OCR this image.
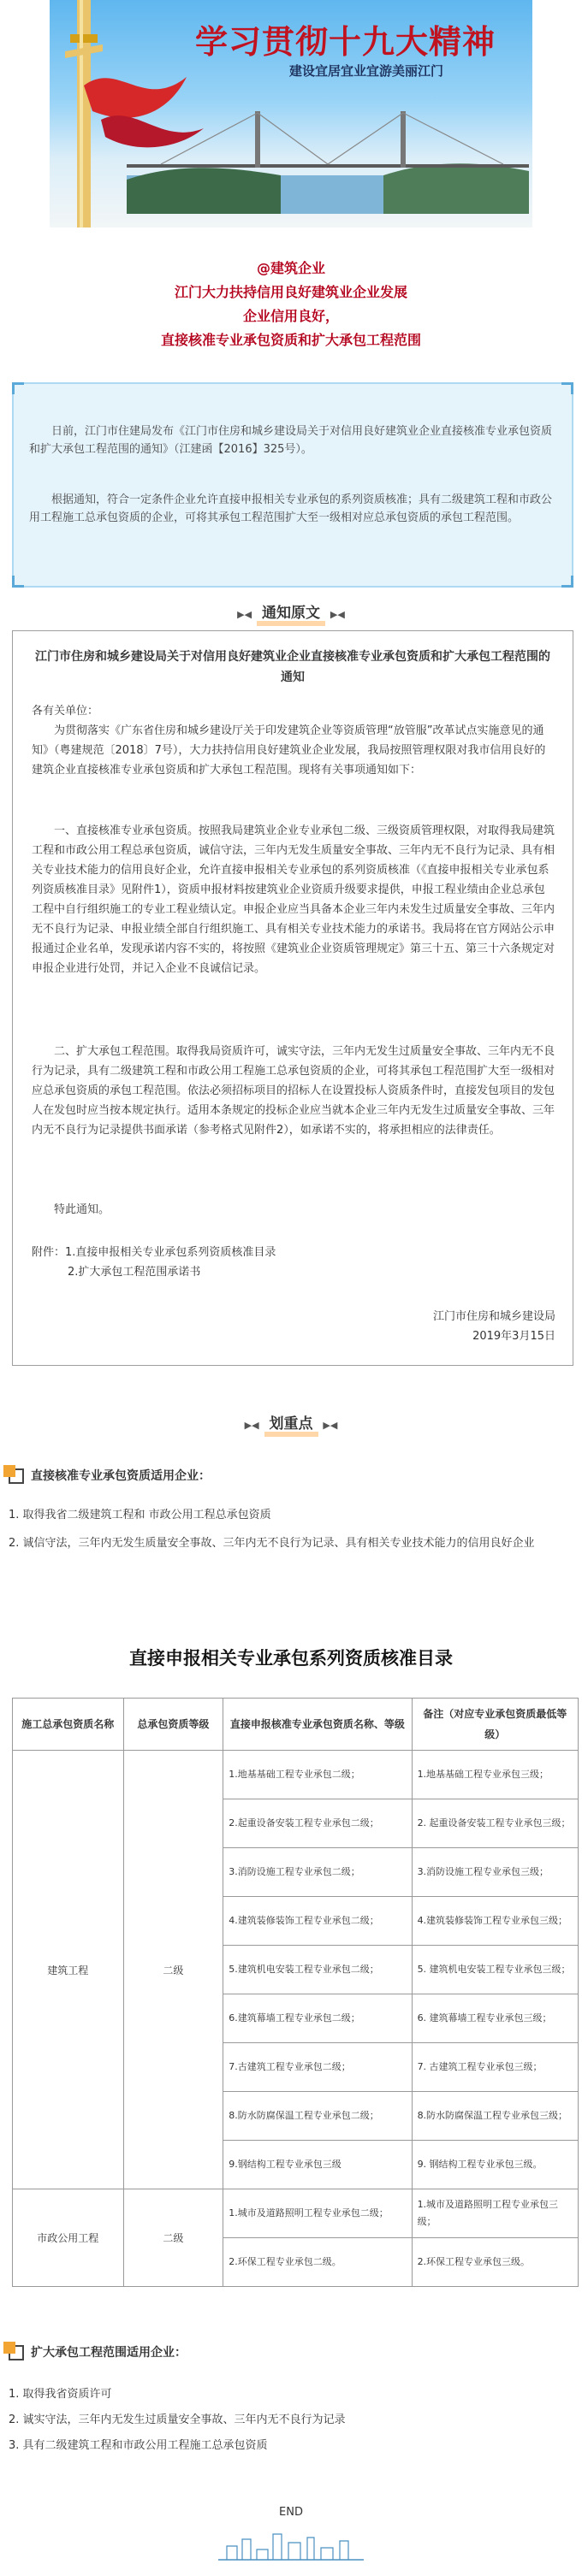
学习贯彻十九大精神
建设宜居宜业宜游美丽江门
@建筑企业
江门大力扶持信用良好建筑业企业发展
企业信用良好，
直接核准专业承包资质和扩大承包工程范围

日前，江门市住建局发布《江门市住房和城乡建设局关于对信用良好建筑业企业直接核准专业承包资质和扩大承包工程范围的通知》（江建函【2016】325号）。

根据通知，符合一定条件企业允许直接申报相关专业承包的系列资质核准；具有二级建筑工程和市政公用工程施工总承包资质的企业，可将其承包工程范围扩大至一级相对应总承包资质的承包工程范围。

▶◀ 通知原文 ▶◀
江门市住房和城乡建设局关于对信用良好建筑业企业直接核准专业承包资质和扩大承包工程范围的通知
各有关单位：
为贯彻落实《广东省住房和城乡建设厅关于印发建筑企业等资质管理“放管服”改革试点实施意见的通知》（粤建规范〔2018〕7号），大力扶持信用良好建筑业企业发展，我局按照管理权限对我市信用良好的建筑企业直接核准专业承包资质和扩大承包工程范围。现将有关事项通知如下：
一、直接核准专业承包资质。按照我局建筑业企业专业承包二级、三级资质管理权限，对取得我局建筑工程和市政公用工程总承包资质，诚信守法，三年内无发生质量安全事故、三年内无不良行为记录、具有相关专业技术能力的信用良好企业，允许直接申报相关专业承包的系列资质核准（《直接申报相关专业承包系列资质核准目录》见附件1），资质申报材料按建筑业企业资质升级要求提供，申报工程业绩由企业总承包工程中自行组织施工的专业工程业绩认定。申报企业应当具备本企业三年内未发生过质量安全事故、三年内无不良行为记录、申报业绩全部自行组织施工、具有相关专业技术能力的承诺书。我局将在官方网站公示申报通过企业名单，发现承诺内容不实的，将按照《建筑业企业资质管理规定》第三十五、第三十六条规定对申报企业进行处罚，并记入企业不良诚信记录。
二、扩大承包工程范围。取得我局资质许可，诚实守法，三年内无发生过质量安全事故、三年内无不良行为记录，具有二级建筑工程和市政公用工程施工总承包资质的企业，可将其承包工程范围扩大至一级相对应总承包资质的承包工程范围。依法必须招标项目的招标人在设置投标人资质条件时，直接发包项目的发包人在发包时应当按本规定执行。适用本条规定的投标企业应当就本企业三年内无发生过质量安全事故、三年内无不良行为记录提供书面承诺（参考格式见附件2），如承诺不实的，将承担相应的法律责任。
特此通知。
附件：1.直接申报相关专业承包系列资质核准目录
2.扩大承包工程范围承诺书
江门市住房和城乡建设局
2019年3月15日
▶◀ 划重点 ▶◀
直接核准专业承包资质适用企业：
1. 取得我省二级建筑工程和 市政公用工程总承包资质
2. 诚信守法，三年内无发生质量安全事故、三年内无不良行为记录、具有相关专业技术能力的信用良好企业
直接申报相关专业承包系列资质核准目录
施工总承包资质名称	总承包资质等级	直接申报核准专业承包资质名称、等级	备注（对应专业承包资质最低等级）
建筑工程	二级	1.地基基础工程专业承包二级；	1.地基基础工程专业承包三级；
		2.起重设备安装工程专业承包二级；	2. 起重设备安装工程专业承包三级；
		3.消防设施工程专业承包二级；	3.消防设施工程专业承包三级；
		4.建筑装修装饰工程专业承包二级；	4.建筑装修装饰工程专业承包三级；
		5.建筑机电安装工程专业承包二级；	5. 建筑机电安装工程专业承包三级；
		6.建筑幕墙工程专业承包二级；	6. 建筑幕墙工程专业承包三级；
		7.古建筑工程专业承包二级；	7. 古建筑工程专业承包三级；
		8.防水防腐保温工程专业承包二级；	8.防水防腐保温工程专业承包三级；
		9.钢结构工程专业承包三级	9. 钢结构工程专业承包三级。
市政公用工程	二级	1.城市及道路照明工程专业承包二级；	1.城市及道路照明工程专业承包三级；
		2.环保工程专业承包二级。	2.环保工程专业承包三级。
扩大承包工程范围适用企业：
1. 取得我省资质许可
2. 诚实守法，三年内无发生过质量安全事故、三年内无不良行为记录
3. 具有二级建筑工程和市政公用工程施工总承包资质
END
